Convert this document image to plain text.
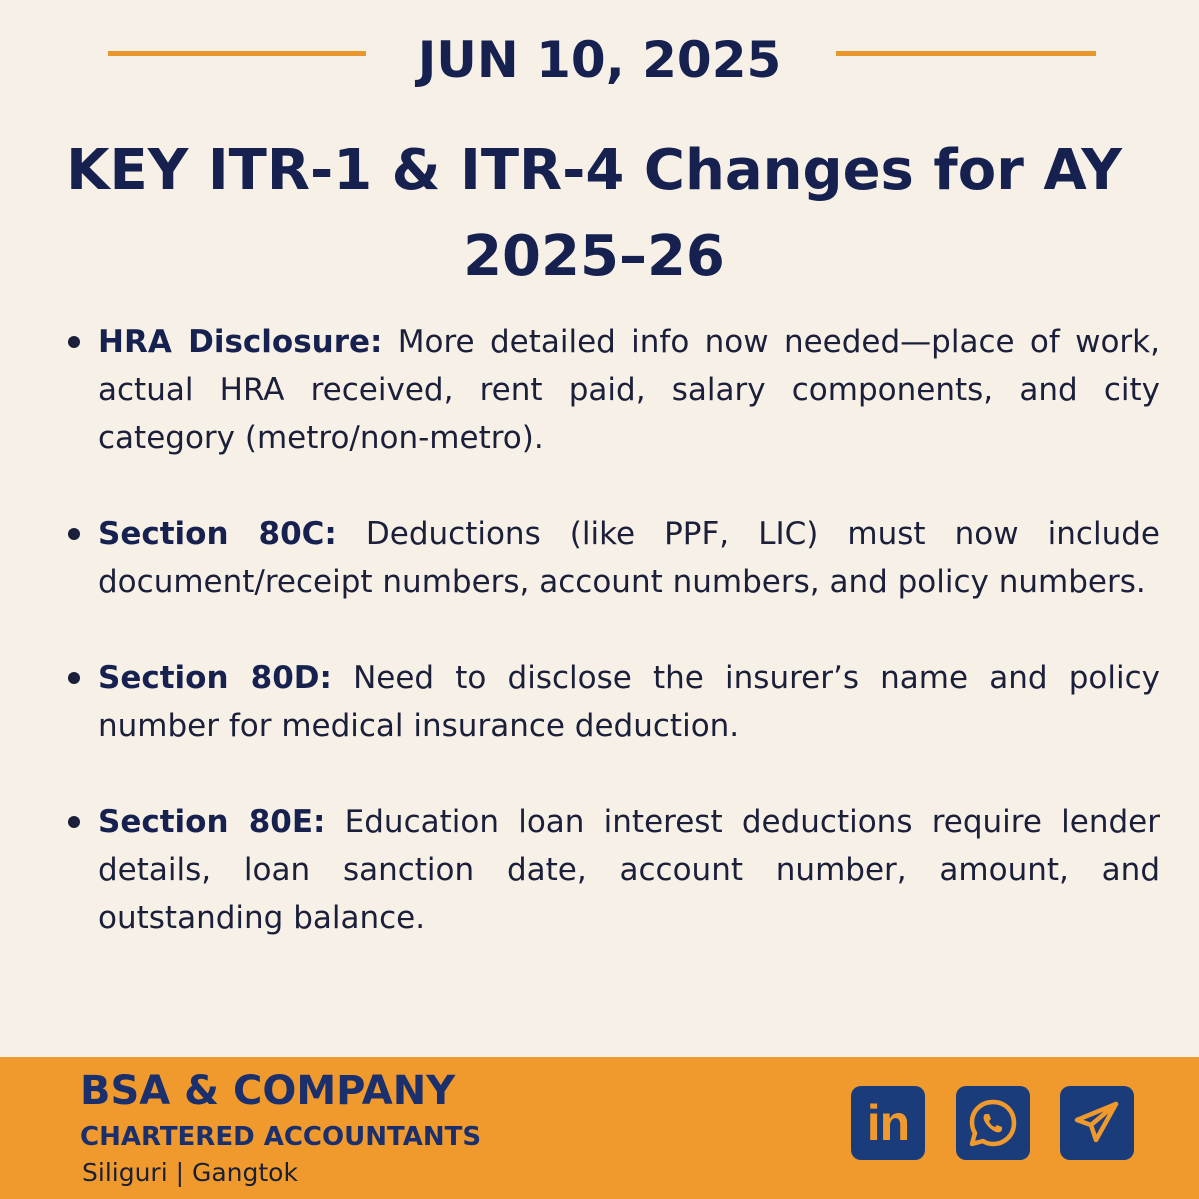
JUN 10, 2025
KEY ITR-1 & ITR-4 Changes for AY 2025–26
HRA Disclosure: More detailed info now needed—place of work, actual HRA received, rent paid, salary components, and city category (metro/non-metro).
Section 80C: Deductions (like PPF, LIC) must now include document/receipt numbers, account numbers, and policy numbers.
Section 80D: Need to disclose the insurer’s name and policy number for medical insurance deduction.
Section 80E: Education loan interest deductions require lender details, loan sanction date, account number, amount, and outstanding balance.
BSA & COMPANY
CHARTERED ACCOUNTANTS
Siliguri | Gangtok
in
